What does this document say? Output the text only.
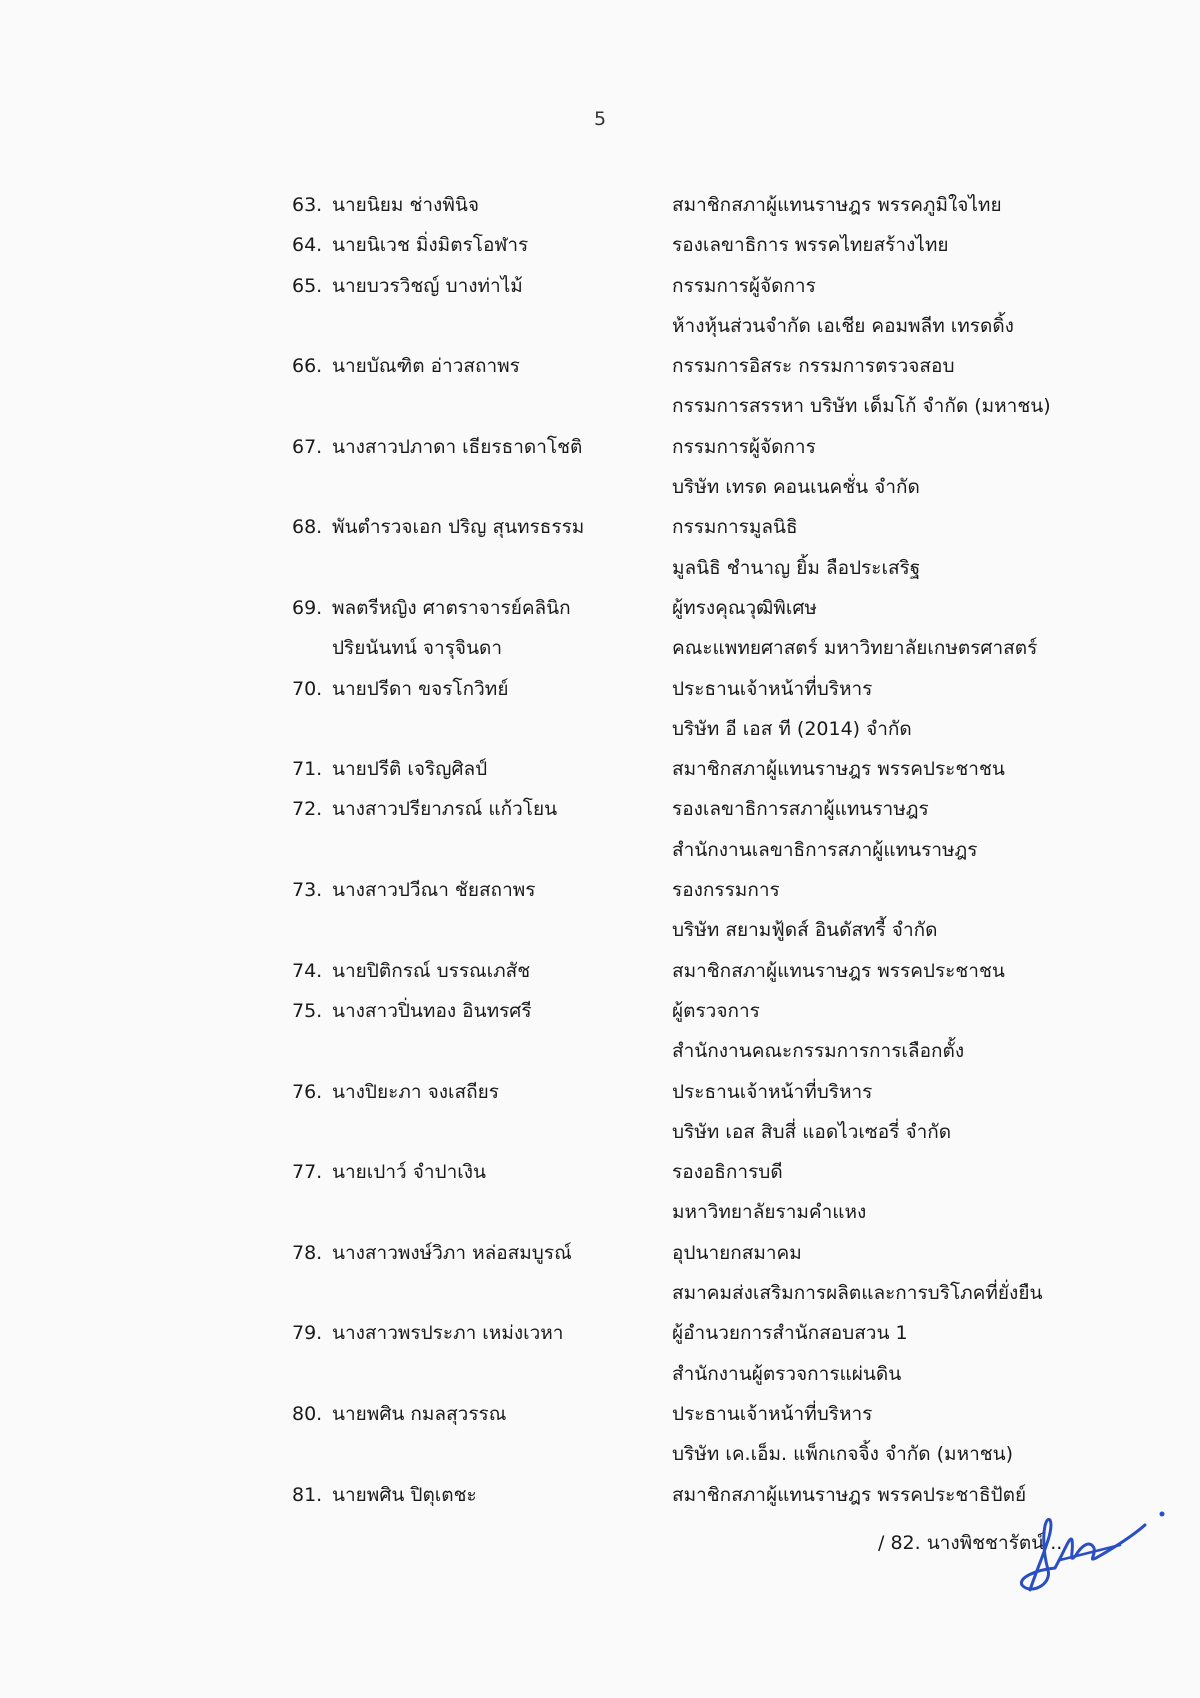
5
63. นายนิยม ช่างพินิจ	สมาชิกสภาผู้แทนราษฎร พรรคภูมิใจไทย
64. นายนิเวช มิ่งมิตรโอฬาร	รองเลขาธิการ พรรคไทยสร้างไทย
65. นายบวรวิชญ์ บางท่าไม้	กรรมการผู้จัดการ
ห้างหุ้นส่วนจำกัด เอเชีย คอมพลีท เทรดดิ้ง
66. นายบัณฑิต อ่าวสถาพร	กรรมการอิสระ กรรมการตรวจสอบ
กรรมการสรรหา บริษัท เด็มโก้ จำกัด (มหาชน)
67. นางสาวปภาดา เธียรธาดาโชติ	กรรมการผู้จัดการ
บริษัท เทรด คอนเนคชั่น จำกัด
68. พันตำรวจเอก ปริญ สุนทรธรรม	กรรมการมูลนิธิ
มูลนิธิ ชำนาญ ยิ้ม ลือประเสริฐ
69. พลตรีหญิง ศาตราจารย์คลินิก	ผู้ทรงคุณวุฒิพิเศษ
ปริยนันทน์ จารุจินดา	คณะแพทยศาสตร์ มหาวิทยาลัยเกษตรศาสตร์
70. นายปรีดา ขจรโกวิทย์	ประธานเจ้าหน้าที่บริหาร
บริษัท อี เอส ที (2014) จำกัด
71. นายปรีติ เจริญศิลป์	สมาชิกสภาผู้แทนราษฎร พรรคประชาชน
72. นางสาวปรียาภรณ์ แก้วโยน	รองเลขาธิการสภาผู้แทนราษฎร
สำนักงานเลขาธิการสภาผู้แทนราษฎร
73. นางสาวปวีณา ชัยสถาพร	รองกรรมการ
บริษัท สยามฟู้ดส์ อินดัสทรี้ จำกัด
74. นายปิติกรณ์ บรรณเภสัช	สมาชิกสภาผู้แทนราษฎร พรรคประชาชน
75. นางสาวปิ่นทอง อินทรศรี	ผู้ตรวจการ
สำนักงานคณะกรรมการการเลือกตั้ง
76. นางปิยะภา จงเสถียร	ประธานเจ้าหน้าที่บริหาร
บริษัท เอส สิบสี่ แอดไวเซอรี่ จำกัด
77. นายเปาว์ จำปาเงิน	รองอธิการบดี
มหาวิทยาลัยรามคำแหง
78. นางสาวพงษ์วิภา หล่อสมบูรณ์	อุปนายกสมาคม
สมาคมส่งเสริมการผลิตและการบริโภคที่ยั่งยืน
79. นางสาวพรประภา เหม่งเวหา	ผู้อำนวยการสำนักสอบสวน 1
สำนักงานผู้ตรวจการแผ่นดิน
80. นายพศิน กมลสุวรรณ	ประธานเจ้าหน้าที่บริหาร
บริษัท เค.เอ็ม. แพ็กเกจจิ้ง จำกัด (มหาชน)
81. นายพศิน ปิตุเตชะ	สมาชิกสภาผู้แทนราษฎร พรรคประชาธิปัตย์
/ 82. นางพิชชารัตน์ ...
